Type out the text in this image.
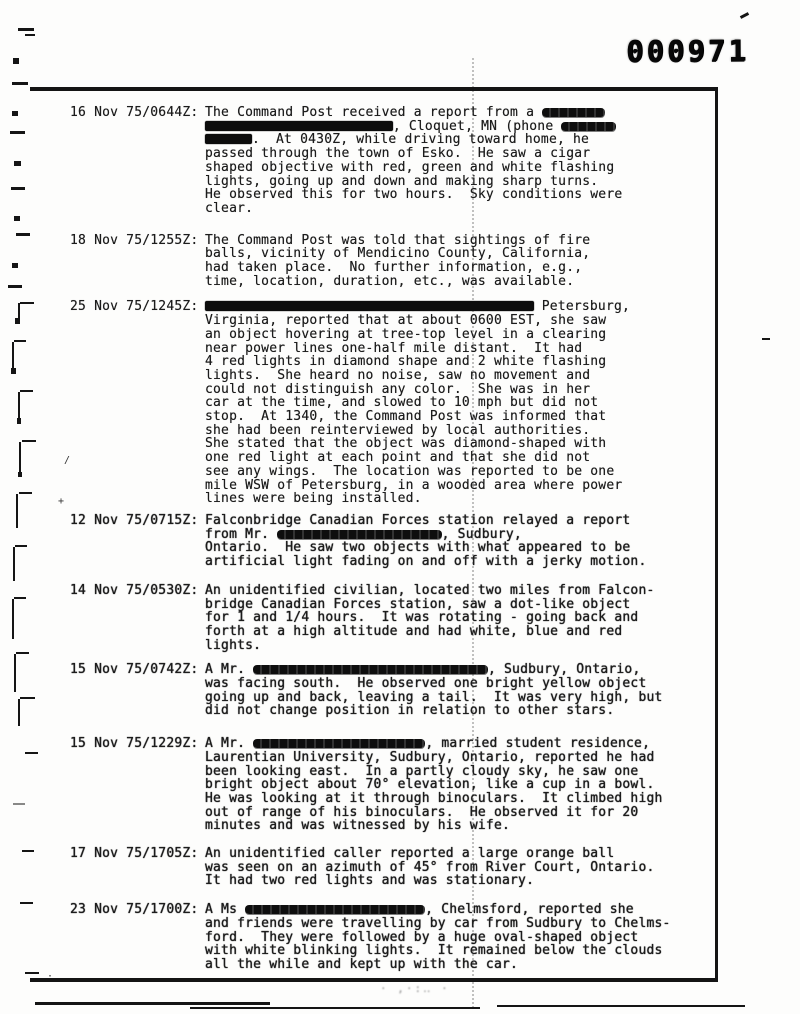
000971
16 Nov 75/0644Z: The Command Post received a report from a
, Cloquet, MN (phone
.  At 0430Z, while driving toward home, he
passed through the town of Esko.  He saw a cigar
shaped objective with red, green and white flashing
lights, going up and down and making sharp turns.
He observed this for two hours.  Sky conditions were
clear.
18 Nov 75/1255Z: The Command Post was told that sightings of fire
balls, vicinity of Mendicino County, California,
had taken place.  No further information, e.g.,
time, location, duration, etc., was available.
25 Nov 75/1245Z:	Petersburg,
Virginia, reported that at about 0600 EST, she saw
an object hovering at tree-top level in a clearing
near power lines one-half mile distant.  It had
4 red lights in diamond shape and 2 white flashing
lights.  She heard no noise, saw no movement and
could not distinguish any color.  She was in her
car at the time, and slowed to 10 mph but did not
stop.  At 1340, the Command Post was informed that
she had been reinterviewed by local authorities.
She stated that the object was diamond-shaped with
one red light at each point and that she did not
see any wings.  The location was reported to be one
mile WSW of Petersburg, in a wooded area where power
lines were being installed.
12 Nov 75/0715Z: Falconbridge Canadian Forces station relayed a report
from Mr.	, Sudbury,
Ontario.  He saw two objects with what appeared to be
artificial light fading on and off with a jerky motion.
14 Nov 75/0530Z: An unidentified civilian, located two miles from Falcon-
bridge Canadian Forces station, saw a dot-like object
for 1 and 1/4 hours.  It was rotating - going back and
forth at a high altitude and had white, blue and red
lights.
15 Nov 75/0742Z: A Mr.	, Sudbury, Ontario,
was facing south.  He observed one bright yellow object
going up and back, leaving a tail.  It was very high, but
did not change position in relation to other stars.
15 Nov 75/1229Z: A Mr.	, married student residence,
Laurentian University, Sudbury, Ontario, reported he had
been looking east.  In a partly cloudy sky, he saw one
bright object about 70° elevation, like a cup in a bowl.
He was looking at it through binoculars.  It climbed high
out of range of his binoculars.  He observed it for 20
minutes and was witnessed by his wife.
17 Nov 75/1705Z: An unidentified caller reported a large orange ball
was seen on an azimuth of 45° from River Court, Ontario.
It had two red lights and was stationary.
23 Nov 75/1700Z: A Ms	, Chelmsford, reported she
and friends were travelling by car from Sudbury to Chelms-
ford.  They were followed by a huge oval-shaped object
with white blinking lights.  It remained below the clouds
all the while and kept up with the car.
· ,·:‥ ·
/
+
·
